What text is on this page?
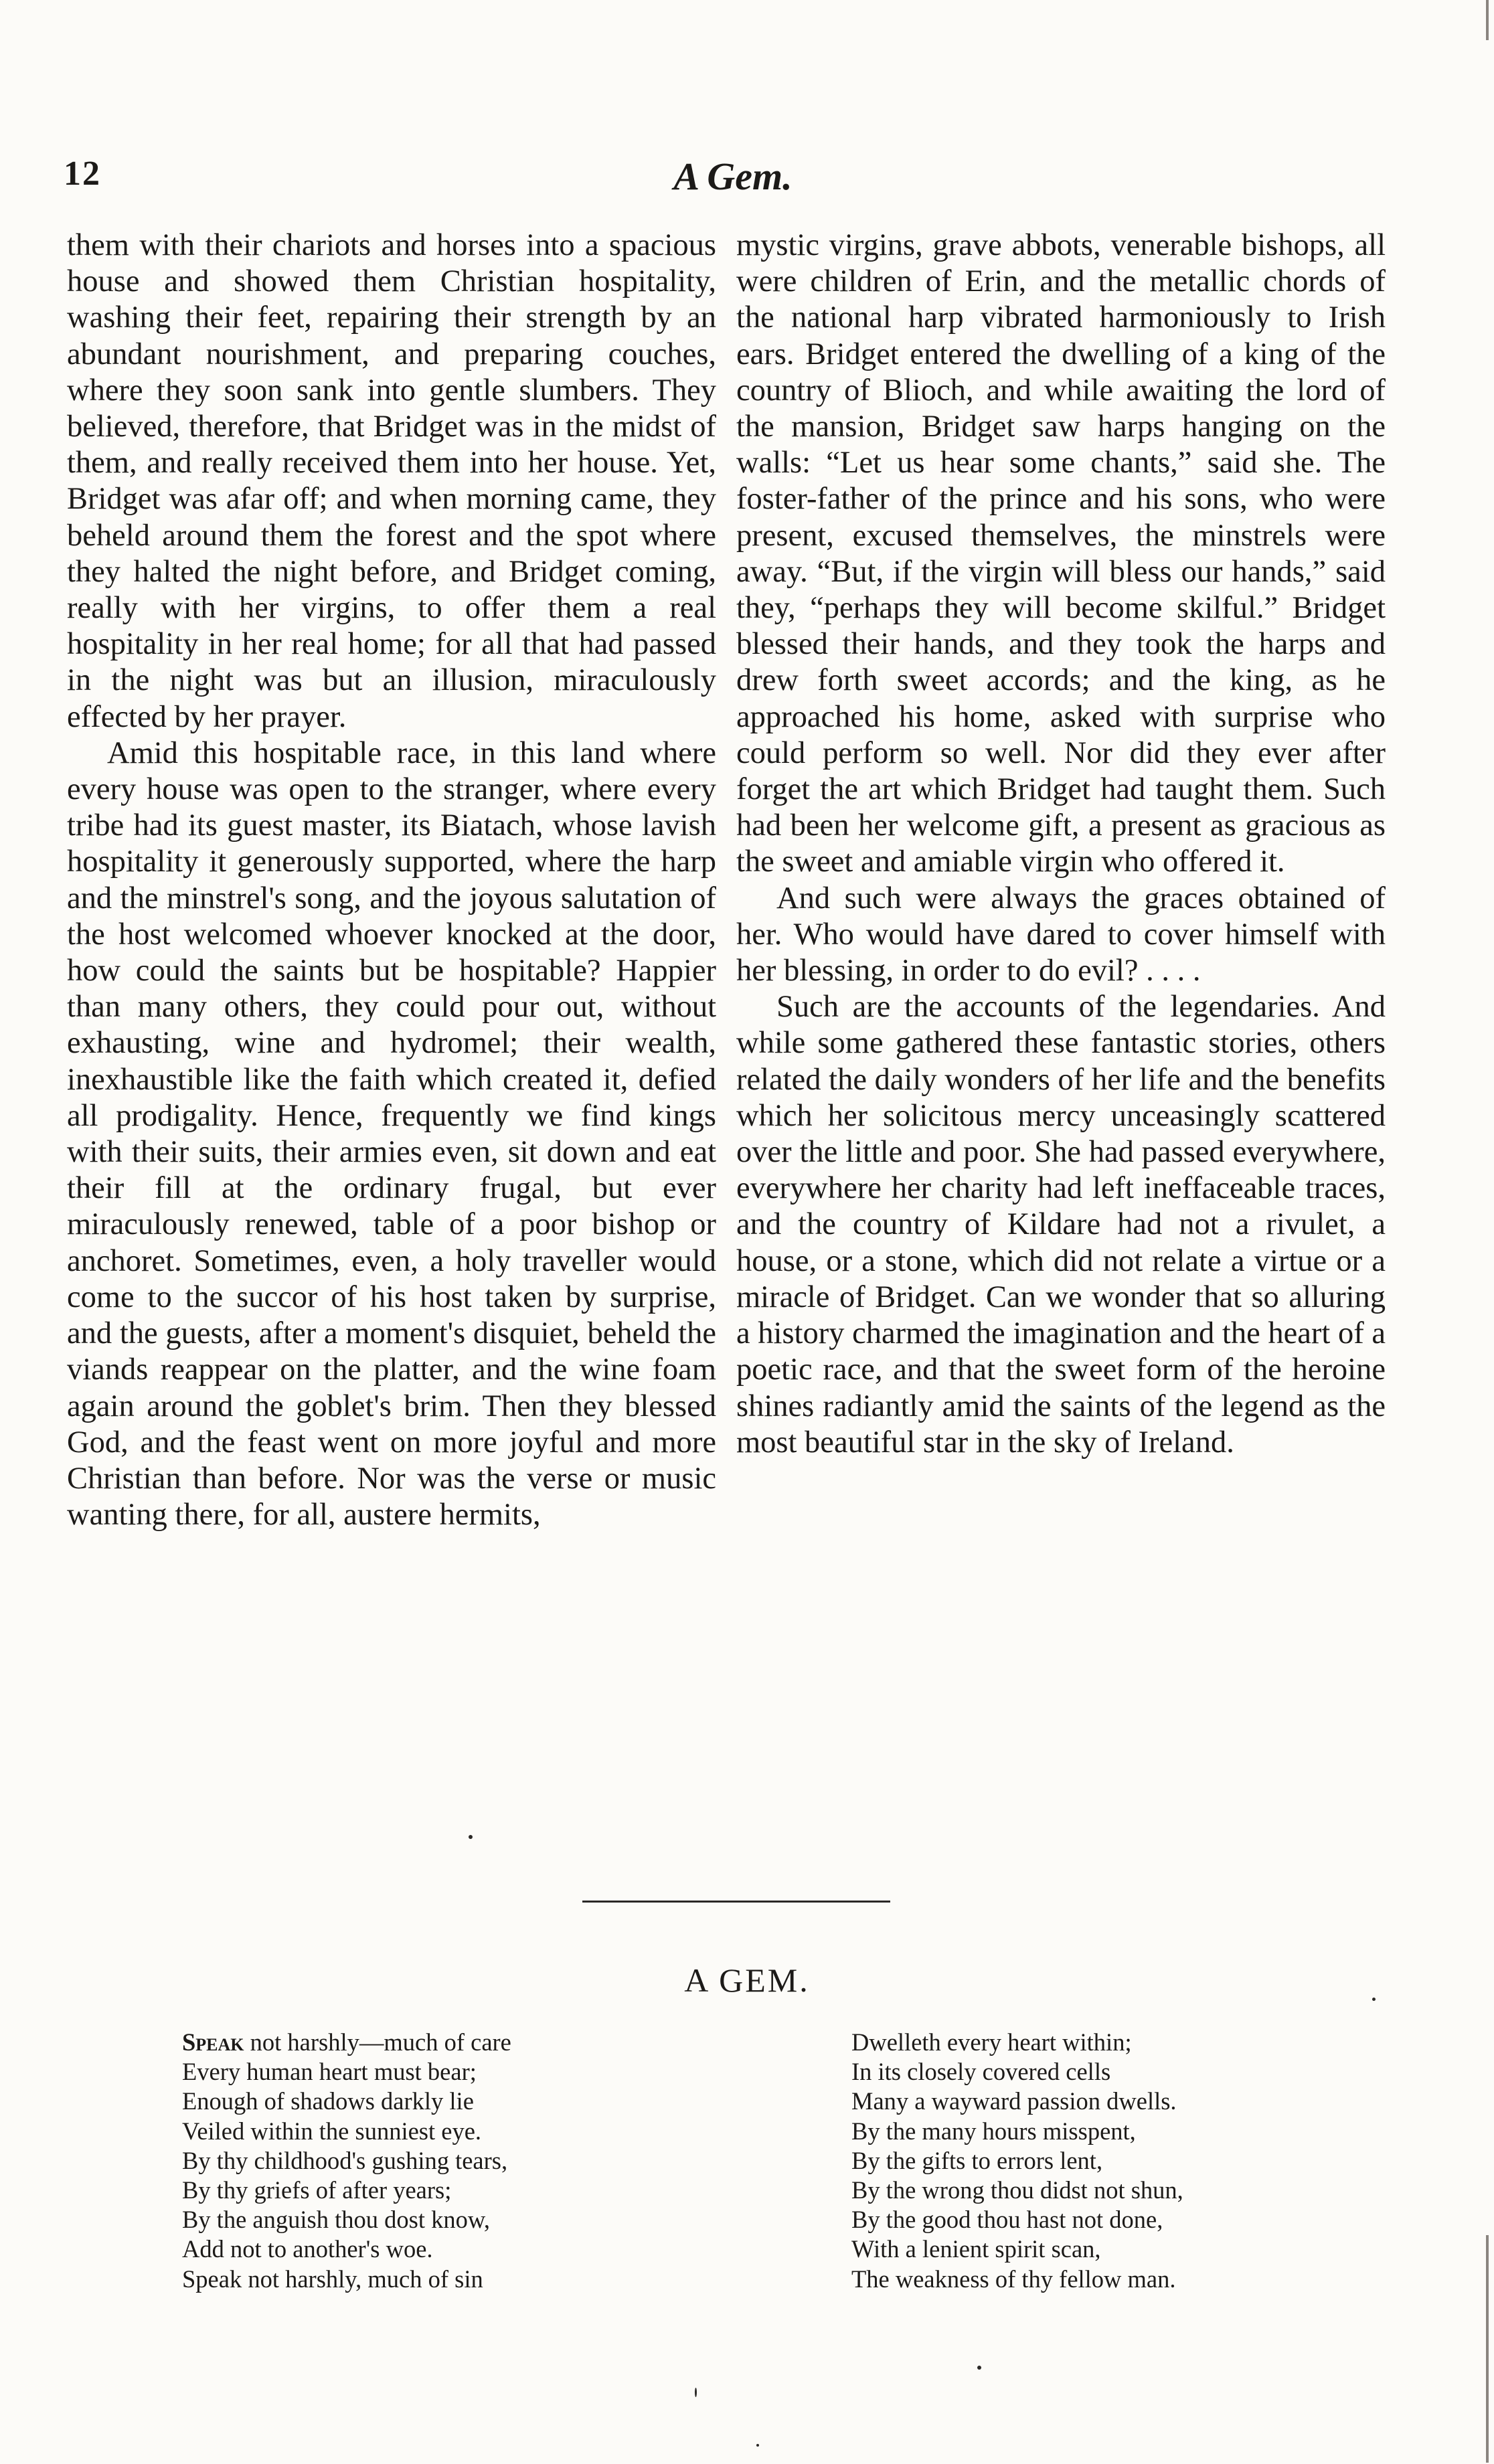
12	A Gem.

them with their chariots and horses into a spacious house and showed them Christian hospitality, washing their feet, repairing their strength by an abundant nourishment, and preparing couches, where they soon sank into gentle slumbers. They believed, therefore, that Bridget was in the midst of them, and really received them into her house. Yet, Bridget was afar off; and when morning came, they beheld around them the forest and the spot where they halted the night before, and Bridget coming, really with her virgins, to offer them a real hospitality in her real home; for all that had passed in the night was but an illusion, miraculously effected by her prayer.

Amid this hospitable race, in this land where every house was open to the stranger, where every tribe had its guest master, its Biatach, whose lavish hospitality it generously supported, where the harp and the minstrel's song, and the joyous salutation of the host welcomed whoever knocked at the door, how could the saints but be hospitable? Happier than many others, they could pour out, without exhausting, wine and hydromel; their wealth, inexhaustible like the faith which created it, defied all prodigality. Hence, frequently we find kings with their suits, their armies even, sit down and eat their fill at the ordinary frugal, but ever miraculously renewed, table of a poor bishop or anchoret. Sometimes, even, a holy traveller would come to the succor of his host taken by surprise, and the guests, after a moment's disquiet, beheld the viands reappear on the platter, and the wine foam again around the goblet's brim. Then they blessed God, and the feast went on more joyful and more Christian than before. Nor was the verse or music wanting there, for all, austere hermits,

mystic virgins, grave abbots, venerable bishops, all were children of Erin, and the metallic chords of the national harp vibrated harmoniously to Irish ears. Bridget entered the dwelling of a king of the country of Blioch, and while awaiting the lord of the mansion, Bridget saw harps hanging on the walls: “Let us hear some chants,” said she. The foster-father of the prince and his sons, who were present, excused themselves, the minstrels were away. “But, if the virgin will bless our hands,” said they, “perhaps they will become skilful.” Bridget blessed their hands, and they took the harps and drew forth sweet accords; and the king, as he approached his home, asked with surprise who could perform so well. Nor did they ever after forget the art which Bridget had taught them. Such had been her welcome gift, a present as gracious as the sweet and amiable virgin who offered it.

And such were always the graces obtained of her. Who would have dared to cover himself with her blessing, in order to do evil? . . . .

Such are the accounts of the legendaries. And while some gathered these fantastic stories, others related the daily wonders of her life and the benefits which her solicitous mercy unceasingly scattered over the little and poor. She had passed everywhere, everywhere her charity had left ineffaceable traces, and the country of Kildare had not a rivulet, a house, or a stone, which did not relate a virtue or a miracle of Bridget. Can we wonder that so alluring a history charmed the imagination and the heart of a poetic race, and that the sweet form of the heroine shines radiantly amid the saints of the legend as the most beautiful star in the sky of Ireland.

A GEM.
Speak not harshly—much of care
Every human heart must bear;
Enough of shadows darkly lie
Veiled within the sunniest eye.
By thy childhood's gushing tears,
By thy griefs of after years;
By the anguish thou dost know,
Add not to another's woe.
Speak not harshly, much of sin
Dwelleth every heart within;
In its closely covered cells
Many a wayward passion dwells.
By the many hours misspent,
By the gifts to errors lent,
By the wrong thou didst not shun,
By the good thou hast not done,
With a lenient spirit scan,
The weakness of thy fellow man.
